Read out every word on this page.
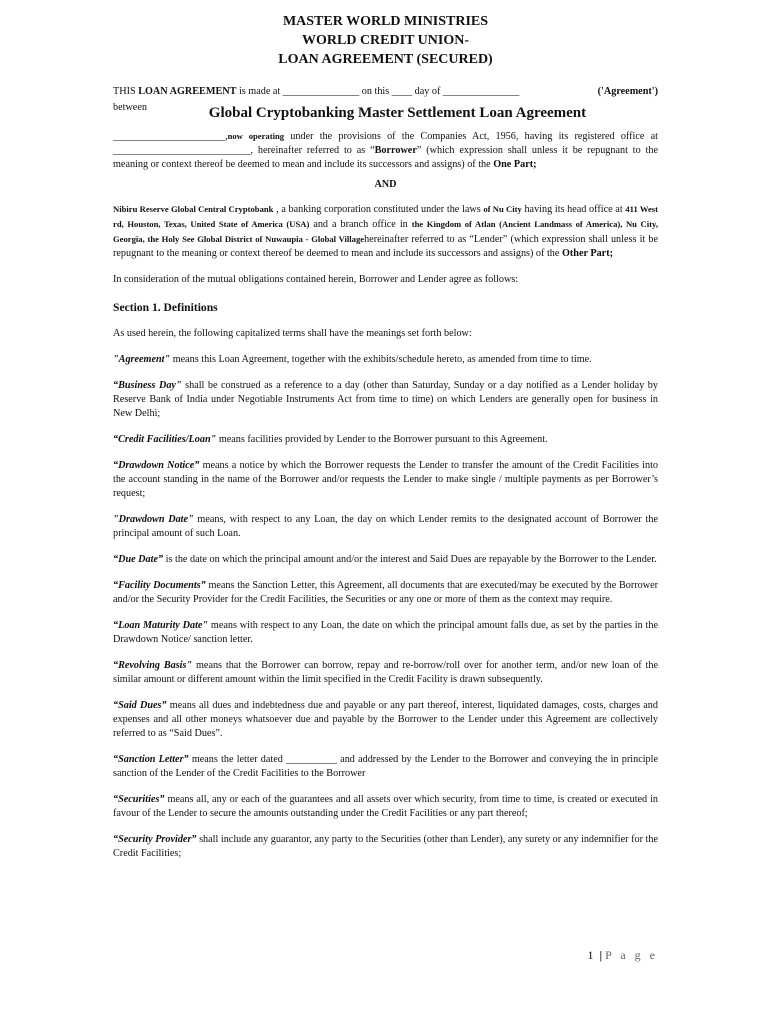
MASTER WORLD MINISTRIES

WORLD CREDIT UNION-

LOAN AGREEMENT (SECURED)

THIS LOAN AGREEMENT is made at _______________ on this ____ day of _______________	('Agreement')
between	Global Cryptobanking Master Settlement Loan Agreement

______________________,now operating under the provisions of the Companies Act, 1956, having its registered office at ___________________________, hereinafter referred to as “Borrower” (which expression shall unless it be repugnant to the meaning or context thereof be deemed to mean and include its successors and assigns) of the One Part;

AND

Nibiru Reserve Global Central Cryptobank , a banking corporation constituted under the laws of Nu City having its head office at 411 West rd, Houston, Texas, United State of America (USA) and a branch office in the Kingdom of Atlan (Ancient Landmass of America), Nu City, Georgia, the Holy See Global District of Nuwaupia - Global Villagehereinafter referred to as “Lender” (which expression shall unless it be repugnant to the meaning or context thereof be deemed to mean and include its successors and assigns) of the Other Part;

In consideration of the mutual obligations contained herein, Borrower and Lender agree as follows:

Section 1. Definitions

As used herein, the following capitalized terms shall have the meanings set forth below:

"Agreement" means this Loan Agreement, together with the exhibits/schedule hereto, as amended from time to time.

“Business Day" shall be construed as a reference to a day (other than Saturday, Sunday or a day notified as a Lender holiday by Reserve Bank of India under Negotiable Instruments Act from time to time) on which Lenders are generally open for business in New Delhi;

“Credit Facilities/Loan" means facilities provided by Lender to the Borrower pursuant to this Agreement.

“Drawdown Notice” means a notice by which the Borrower requests the Lender to transfer the amount of the Credit Facilities into the account standing in the name of the Borrower and/or requests the Lender to make single / multiple payments as per Borrower’s request;

"Drawdown Date" means, with respect to any Loan, the day on which Lender remits to the designated account of Borrower the principal amount of such Loan.

“Due Date” is the date on which the principal amount and/or the interest and Said Dues are repayable by the Borrower to the Lender.

“Facility Documents” means the Sanction Letter, this Agreement, all documents that are executed/may be executed by the Borrower and/or the Security Provider for the Credit Facilities, the Securities or any one or more of them as the context may require.

“Loan Maturity Date" means with respect to any Loan, the date on which the principal amount falls due, as set by the parties in the Drawdown Notice/ sanction letter.

“Revolving Basis" means that the Borrower can borrow, repay and re-borrow/roll over for another term, and/or new loan of the similar amount or different amount within the limit specified in the Credit Facility is drawn subsequently.

“Said Dues” means all dues and indebtedness due and payable or any part thereof, interest, liquidated damages, costs, charges and expenses and all other moneys whatsoever due and payable by the Borrower to the Lender under this Agreement are collectively referred to as “Said Dues”.

“Sanction Letter” means the letter dated __________ and addressed by the Lender to the Borrower and conveying the in principle sanction of the Lender of the Credit Facilities to the Borrower

“Securities” means all, any or each of the guarantees and all assets over which security, from time to time, is created or executed in favour of the Lender to secure the amounts outstanding under the Credit Facilities or any part thereof;

“Security Provider” shall include any guarantor, any party to the Securities (other than Lender), any surety or any indemnifier for the Credit Facilities;

1 | P a g e
